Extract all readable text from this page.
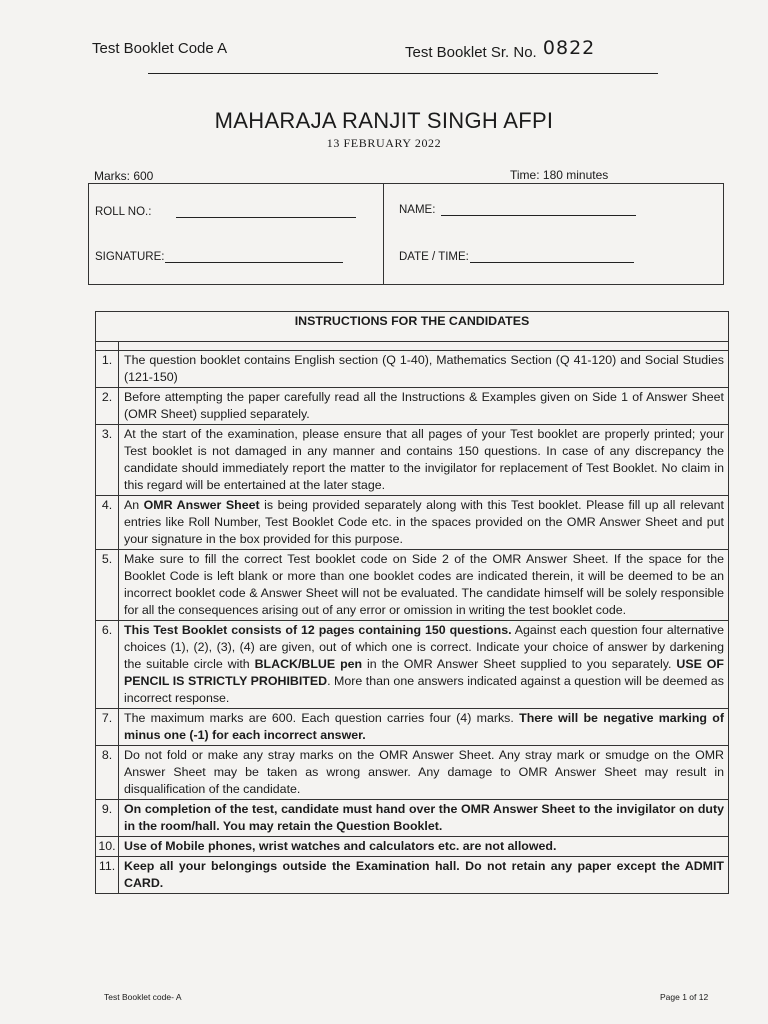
Test Booklet Code A	Test Booklet Sr. No. 0822
MAHARAJA RANJIT SINGH AFPI
13 FEBRUARY 2022
Marks: 600	Time: 180 minutes
ROLL NO.:	NAME:
SIGNATURE:	DATE / TIME:
INSTRUCTIONS FOR THE CANDIDATES	

1.	The question booklet contains English section (Q 1-40), Mathematics Section (Q 41-120) and Social Studies (121-150)
2.	Before attempting the paper carefully read all the Instructions & Examples given on Side 1 of Answer Sheet (OMR Sheet) supplied separately.
3.	At the start of the examination, please ensure that all pages of your Test booklet are properly printed; your Test booklet is not damaged in any manner and contains 150 questions. In case of any discrepancy the candidate should immediately report the matter to the invigilator for replacement of Test Booklet. No claim in this regard will be entertained at the later stage.
4.	An OMR Answer Sheet is being provided separately along with this Test booklet. Please fill up all relevant entries like Roll Number, Test Booklet Code etc. in the spaces provided on the OMR Answer Sheet and put your signature in the box provided for this purpose.
5.	Make sure to fill the correct Test booklet code on Side 2 of the OMR Answer Sheet. If the space for the Booklet Code is left blank or more than one booklet codes are indicated therein, it will be deemed to be an incorrect booklet code & Answer Sheet will not be evaluated. The candidate himself will be solely responsible for all the consequences arising out of any error or omission in writing the test booklet code.
6.	This Test Booklet consists of 12 pages containing 150 questions. Against each question four alternative choices (1), (2), (3), (4) are given, out of which one is correct. Indicate your choice of answer by darkening the suitable circle with BLACK/BLUE pen in the OMR Answer Sheet supplied to you separately. USE OF PENCIL IS STRICTLY PROHIBITED. More than one answers indicated against a question will be deemed as incorrect response.
7.	The maximum marks are 600. Each question carries four (4) marks. There will be negative marking of minus one (-1) for each incorrect answer.
8.	Do not fold or make any stray marks on the OMR Answer Sheet. Any stray mark or smudge on the OMR Answer Sheet may be taken as wrong answer. Any damage to OMR Answer Sheet may result in disqualification of the candidate.
9.	On completion of the test, candidate must hand over the OMR Answer Sheet to the invigilator on duty in the room/hall. You may retain the Question Booklet.
10.	Use of Mobile phones, wrist watches and calculators etc. are not allowed.
11.	Keep all your belongings outside the Examination hall. Do not retain any paper except the ADMIT CARD.
Test Booklet code- A	Page 1 of 12
